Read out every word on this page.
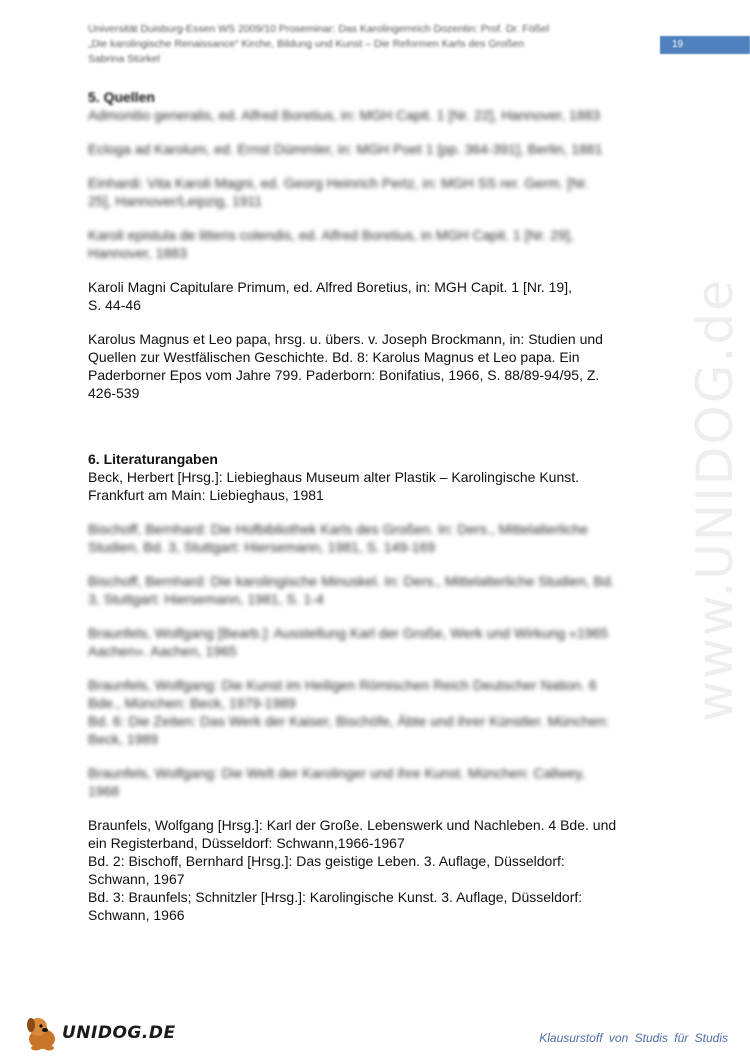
Universität Duisburg-Essen WS 2009/10 Proseminar: Das Karolingerreich Dozentin: Prof. Dr. Fößel
„Die karolingische Renaissance“ Kirche, Bildung und Kunst – Die Reformen Karls des Großen
Sabrina Stürkel
19
www.UNIDOG.de
5. Quellen
Admonitio generalis, ed. Alfred Boretius, in: MGH Capit. 1 [Nr. 22], Hannover, 1883
Ecloga ad Karolum, ed. Ernst Dümmler, in: MGH Poet 1 [pp. 364-391], Berlin, 1881
Einhardi: Vita Karoli Magni, ed. Georg Heinrich Pertz, in: MGH SS rer. Germ. [Nr.
25], Hannover/Leipzig, 1911
Karoli epistula de litteris colendis, ed. Alfred Boretius, in MGH Capit. 1 [Nr. 29],
Hannover, 1883
Karoli Magni Capitulare Primum, ed. Alfred Boretius, in: MGH Capit. 1 [Nr. 19],
S. 44-46
Karolus Magnus et Leo papa, hrsg. u. übers. v. Joseph Brockmann, in: Studien und
Quellen zur Westfälischen Geschichte. Bd. 8: Karolus Magnus et Leo papa. Ein
Paderborner Epos vom Jahre 799. Paderborn: Bonifatius, 1966, S. 88/89-94/95, Z.
426-539
6. Literaturangaben
Beck, Herbert [Hrsg.]: Liebieghaus Museum alter Plastik – Karolingische Kunst.
Frankfurt am Main: Liebieghaus, 1981
Bischoff, Bernhard: Die Hofbibliothek Karls des Großen. In: Ders., Mittelalterliche
Studien, Bd. 3, Stuttgart: Hiersemann, 1981, S. 149-169
Bischoff, Bernhard: Die karolingische Minuskel. In: Ders., Mittelalterliche Studien, Bd.
3, Stuttgart: Hiersemann, 1981, S. 1-4
Braunfels, Wolfgang [Bearb.]: Ausstellung Karl der Große, Werk und Wirkung «1965
Aachen». Aachen, 1965
Braunfels, Wolfgang: Die Kunst im Heiligen Römischen Reich Deutscher Nation. 6
Bde., München: Beck, 1979-1989
Bd. 6: Die Zeiten: Das Werk der Kaiser, Bischöfe, Äbte und ihrer Künstler. München:
Beck, 1989
Braunfels, Wolfgang: Die Welt der Karolinger und ihre Kunst. München: Callwey,
1968
Braunfels, Wolfgang [Hrsg.]: Karl der Große. Lebenswerk und Nachleben. 4 Bde. und
ein Registerband, Düsseldorf: Schwann,1966-1967
Bd. 2: Bischoff, Bernhard [Hrsg.]: Das geistige Leben. 3. Auflage, Düsseldorf:
Schwann, 1967
Bd. 3: Braunfels; Schnitzler [Hrsg.]: Karolingische Kunst. 3. Auflage, Düsseldorf:
Schwann, 1966
UNIDOG.DE	Klausurstoff von Studis für Studis
